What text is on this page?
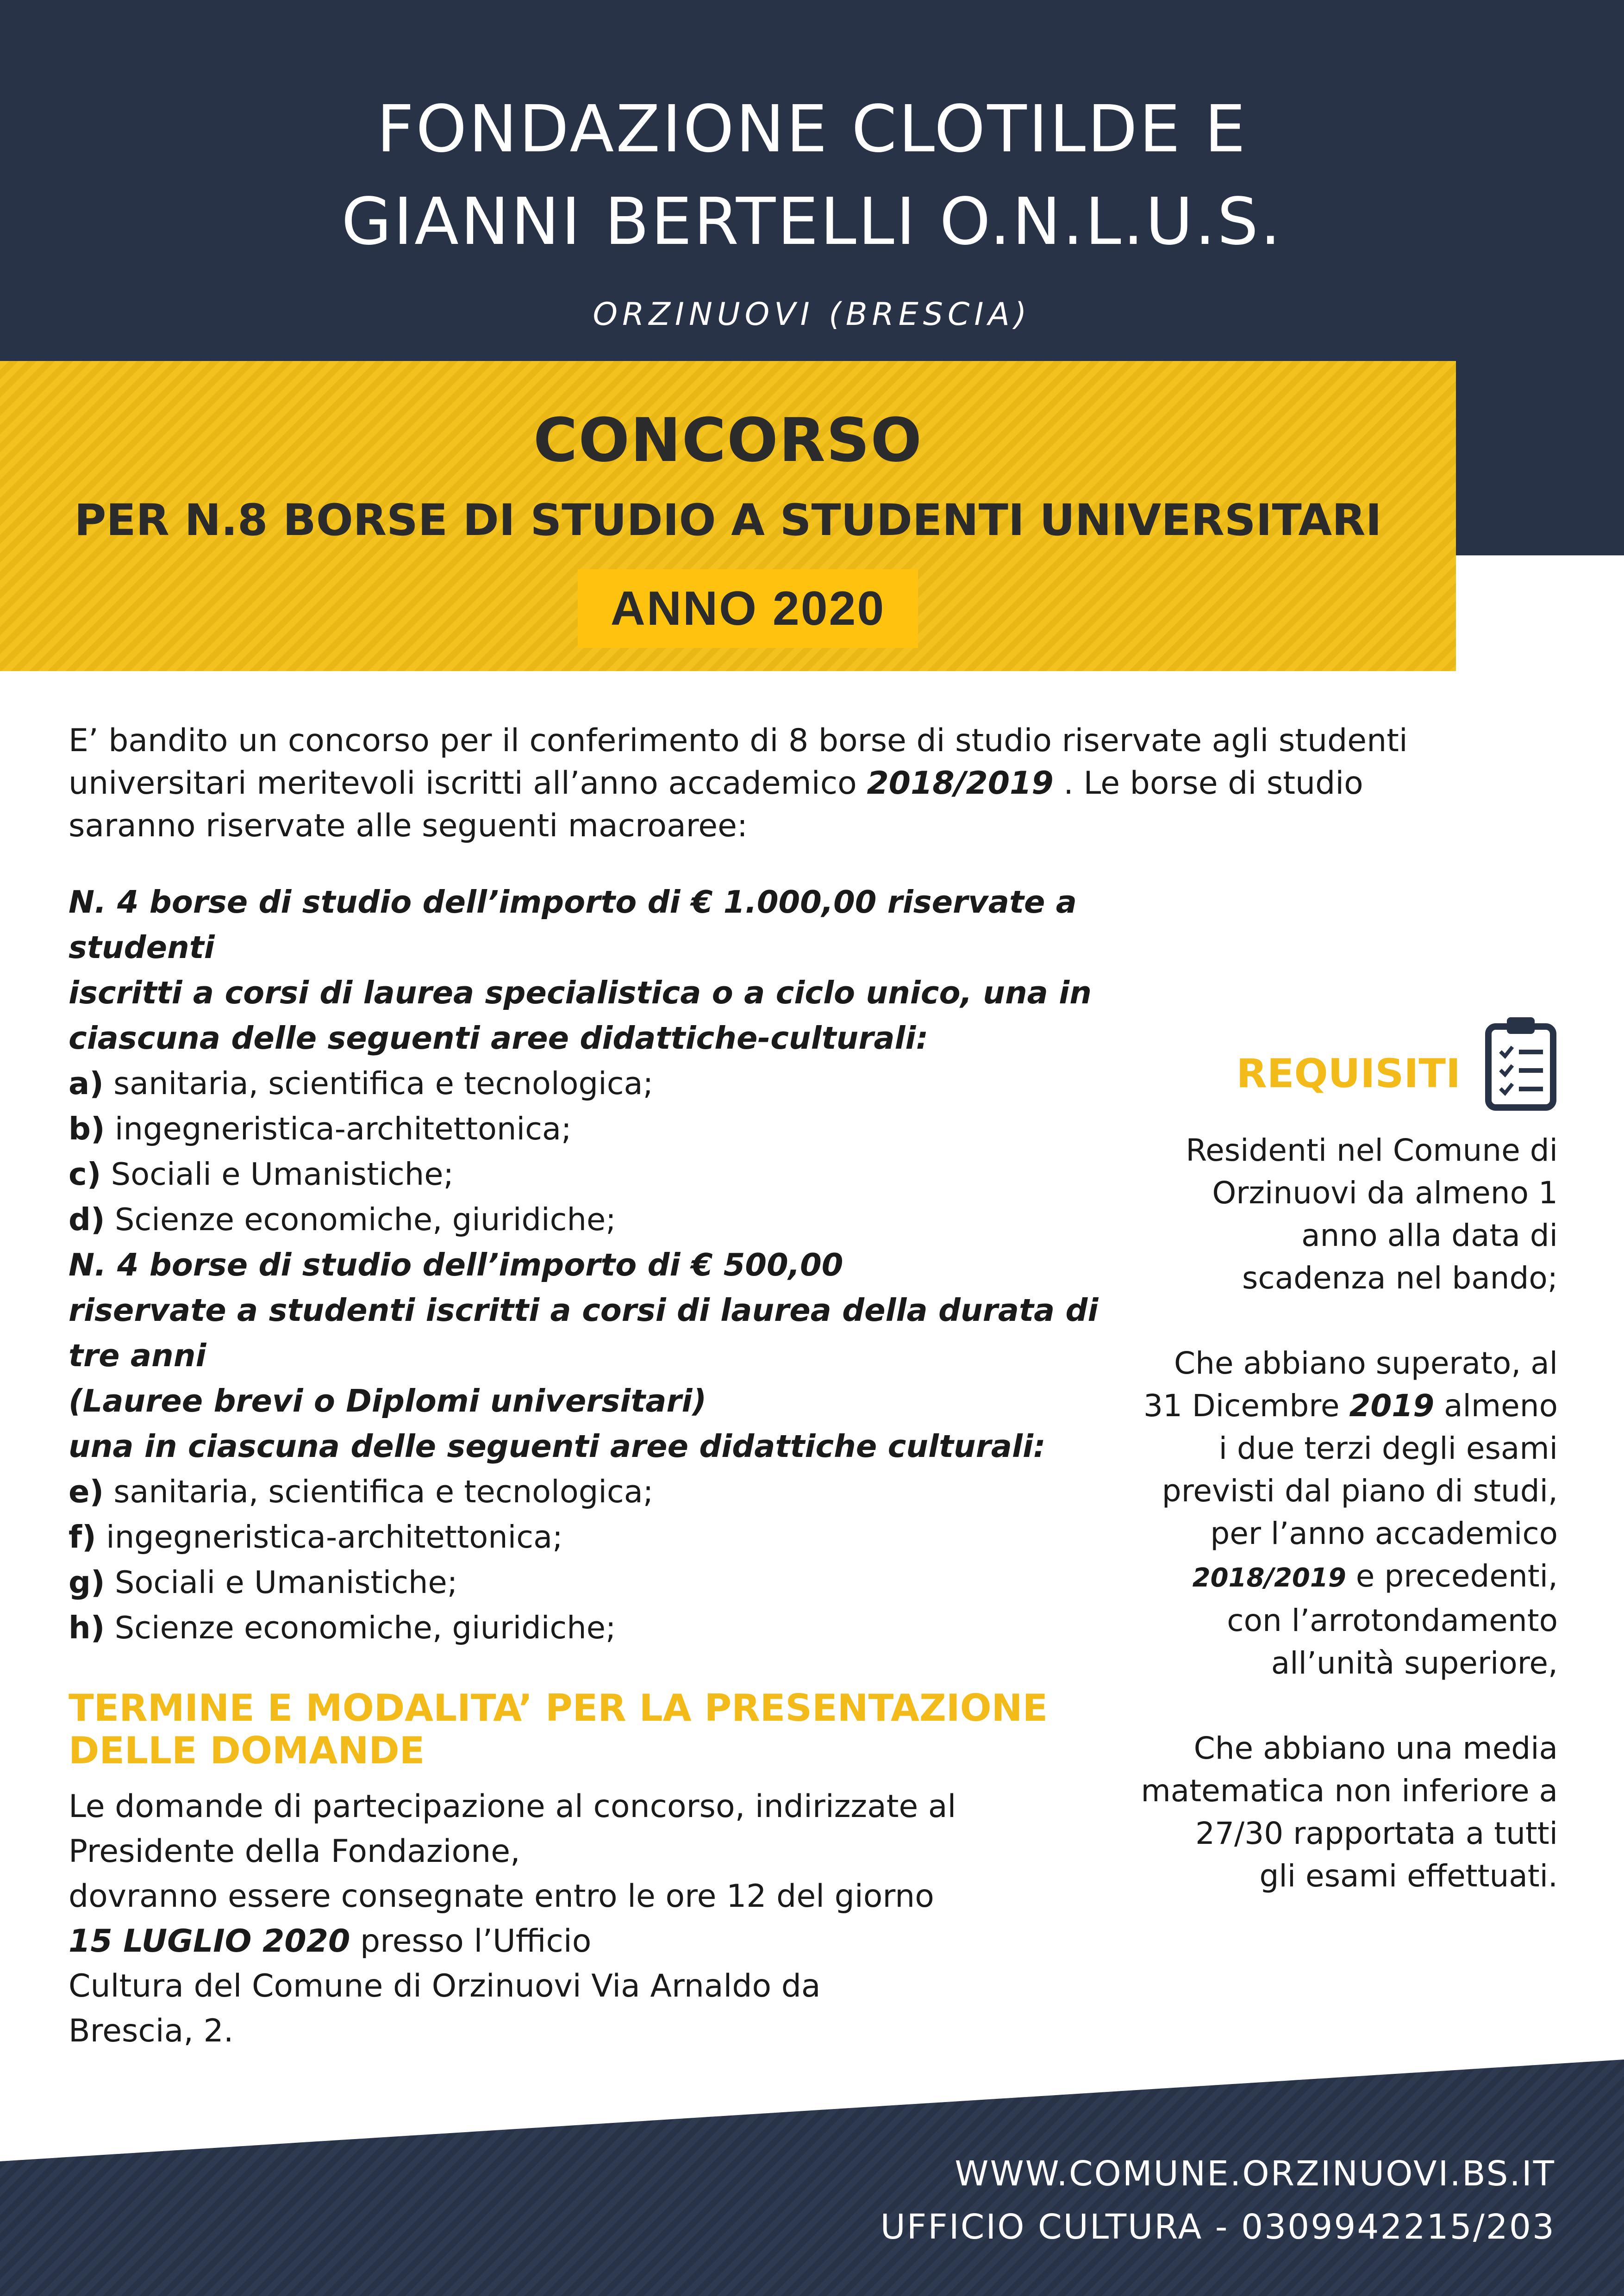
FONDAZIONE CLOTILDE E
GIANNI BERTELLI O.N.L.U.S.
ORZINUOVI (BRESCIA)
CONCORSO
PER N.8 BORSE DI STUDIO A STUDENTI UNIVERSITARI
ANNO 2020
E’ bandito un concorso per il conferimento di 8 borse di studio riservate agli studenti universitari meritevoli iscritti all’anno accademico 2018/2019 . Le borse di studio saranno riservate alle seguenti macroaree:
N. 4 borse di studio dell’importo di € 1.000,00 riservate a
studenti
iscritti a corsi di laurea specialistica o a ciclo unico, una in
ciascuna delle seguenti aree didattiche-culturali:
a) sanitaria, scientifica e tecnologica;
b) ingegneristica-architettonica;
c) Sociali e Umanistiche;
d) Scienze economiche, giuridiche;
N. 4 borse di studio dell’importo di € 500,00
riservate a studenti iscritti a corsi di laurea della durata di
tre anni
(Lauree brevi o Diplomi universitari)
una in ciascuna delle seguenti aree didattiche culturali:
e) sanitaria, scientifica e tecnologica;
f) ingegneristica-architettonica;
g) Sociali e Umanistiche;
h) Scienze economiche, giuridiche;
TERMINE E MODALITA’ PER LA PRESENTAZIONE
DELLE DOMANDE
Le domande di partecipazione al concorso, indirizzate al
Presidente della Fondazione,
dovranno essere consegnate entro le ore 12 del giorno
15 LUGLIO 2020 presso l’Ufficio
Cultura del Comune di Orzinuovi Via Arnaldo da
Brescia, 2.
REQUISITI
Residenti nel Comune di
Orzinuovi da almeno 1
anno alla data di
scadenza nel bando;

Che abbiano superato, al
31 Dicembre 2019 almeno
i due terzi degli esami
previsti dal piano di studi,
per l’anno accademico
2018/2019 e precedenti,
con l’arrotondamento
all’unità superiore,

Che abbiano una media
matematica non inferiore a
27/30 rapportata a tutti
gli esami effettuati.
WWW.COMUNE.ORZINUOVI.BS.IT
UFFICIO CULTURA - 0309942215/203
